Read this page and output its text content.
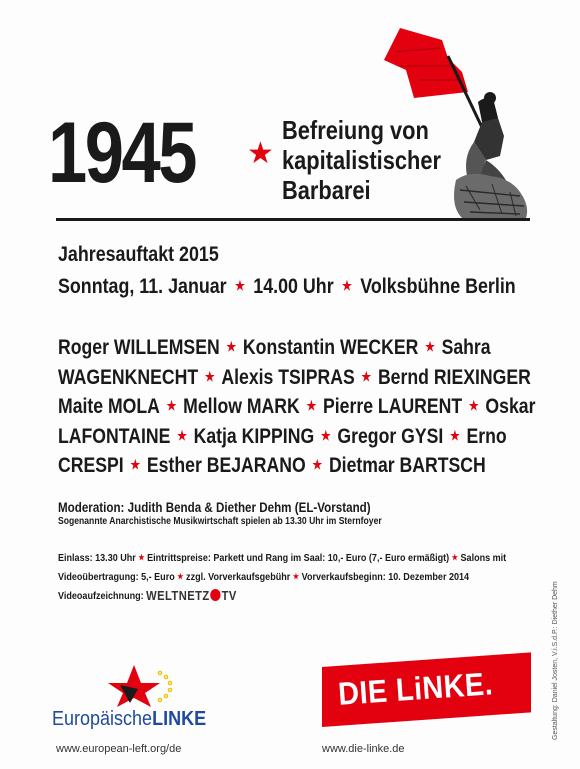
1945 ★
Befreiung von
kapitalistischer
Barbarei
Jahresauftakt 2015
Sonntag, 11. Januar ★ 14.00 Uhr ★ Volksbühne Berlin
Roger WILLEMSEN ★ Konstantin WECKER ★ Sahra
WAGENKNECHT ★ Alexis TSIPRAS ★ Bernd RIEXINGER
Maite MOLA ★ Mellow MARK ★ Pierre LAURENT ★ Oskar
LAFONTAINE ★ Katja KIPPING ★ Gregor GYSI ★ Erno
CRESPI ★ Esther BEJARANO ★ Dietmar BARTSCH
Moderation: Judith Benda & Diether Dehm (EL-Vorstand)
Sogenannte Anarchistische Musikwirtschaft spielen ab 13.30 Uhr im Sternfoyer
Einlass: 13.30 Uhr ★ Eintrittspreise: Parkett und Rang im Saal: 10,- Euro (7,- Euro ermäßigt) ★ Salons mit
Videoübertragung: 5,- Euro ★ zzgl. Vorverkaufsgebühr ★ Vorverkaufsbeginn: 10. Dezember 2014
Videoaufzeichnung: WELTNETZ TV	Gestaltung: Daniel Josten, V.i.S.d.P.: Diether Dehm
EuropäischeLINKE
www.european-left.org/de
DIE LiNKE.
www.die-linke.de
